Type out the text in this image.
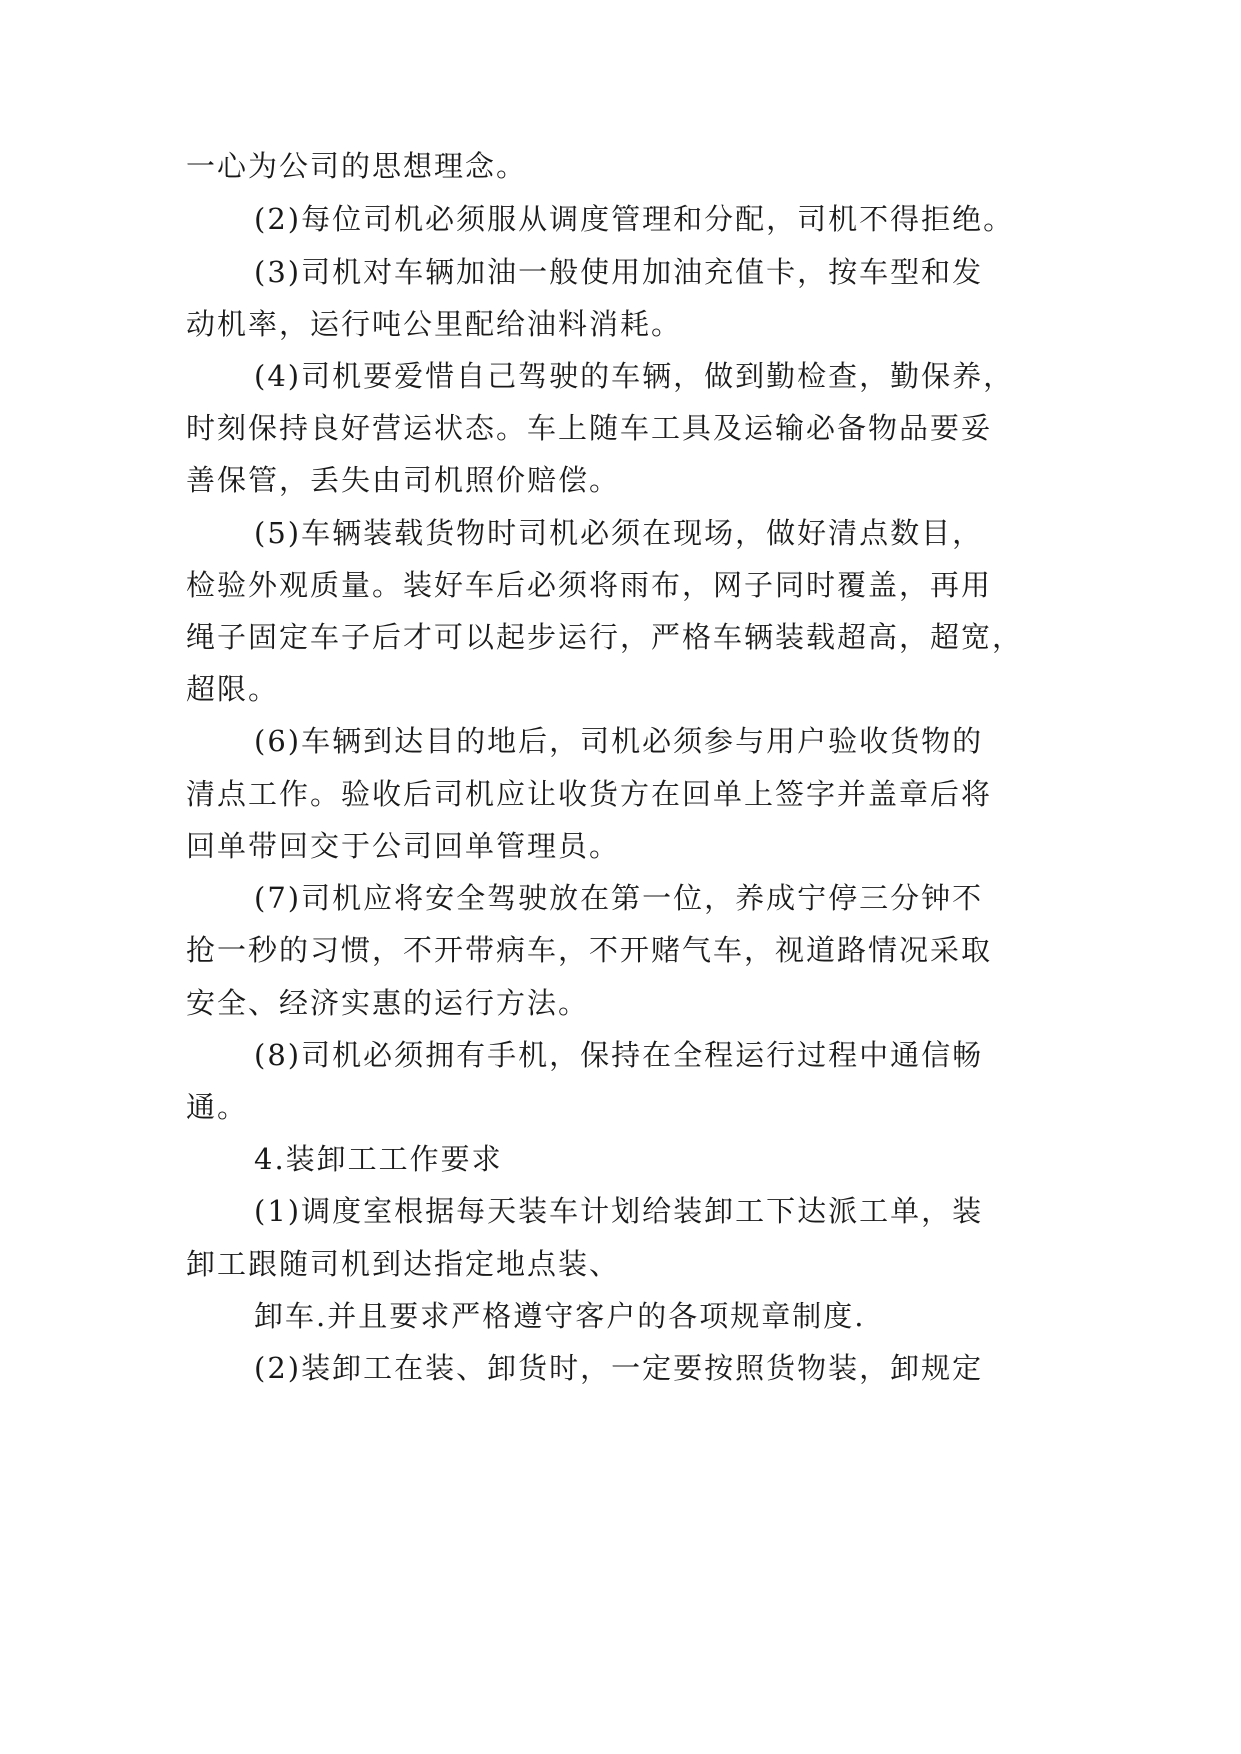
一心为公司的思想理念。
(2)每位司机必须服从调度管理和分配，司机不得拒绝。
(3)司机对车辆加油一般使用加油充值卡，按车型和发
动机率，运行吨公里配给油料消耗。
(4)司机要爱惜自己驾驶的车辆，做到勤检查，勤保养，
时刻保持良好营运状态。车上随车工具及运输必备物品要妥
善保管，丢失由司机照价赔偿。
(5)车辆装载货物时司机必须在现场，做好清点数目，
检验外观质量。装好车后必须将雨布，网子同时覆盖，再用
绳子固定车子后才可以起步运行，严格车辆装载超高，超宽，
超限。
(6)车辆到达目的地后，司机必须参与用户验收货物的
清点工作。验收后司机应让收货方在回单上签字并盖章后将
回单带回交于公司回单管理员。
(7)司机应将安全驾驶放在第一位，养成宁停三分钟不
抢一秒的习惯，不开带病车，不开赌气车，视道路情况采取
安全、经济实惠的运行方法。
(8)司机必须拥有手机，保持在全程运行过程中通信畅
通。
4.装卸工工作要求
(1)调度室根据每天装车计划给装卸工下达派工单，装
卸工跟随司机到达指定地点装、
卸车.并且要求严格遵守客户的各项规章制度.
(2)装卸工在装、卸货时，一定要按照货物装，卸规定
